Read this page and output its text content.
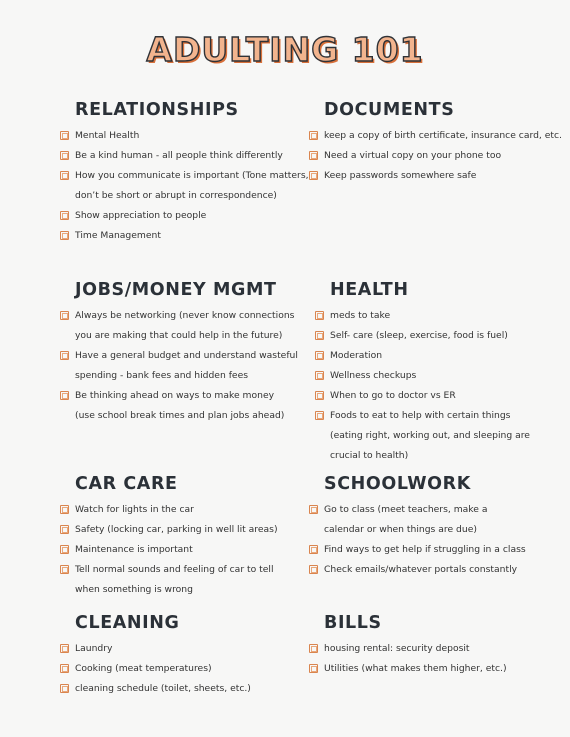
ADULTING 101
RELATIONSHIPS
Mental Health
Be a kind human - all people think differently
How you communicate is important (Tone matters,
don’t be short or abrupt in correspondence)
Show appreciation to people
Time Management
DOCUMENTS
keep a copy of birth certificate, insurance card, etc.
Need a virtual copy on your phone too
Keep passwords somewhere safe
JOBS/MONEY MGMT
Always be networking (never know connections
you are making that could help in the future)
Have a general budget and understand wasteful
spending - bank fees and hidden fees
Be thinking ahead on ways to make money
(use school break times and plan jobs ahead)
HEALTH
meds to take
Self- care (sleep, exercise, food is fuel)
Moderation
Wellness checkups
When to go to doctor vs ER
Foods to eat to help with certain things
(eating right, working out, and sleeping are
crucial to health)
CAR CARE
Watch for lights in the car
Safety (locking car, parking in well lit areas)
Maintenance is important
Tell normal sounds and feeling of car to tell
when something is wrong
SCHOOLWORK
Go to class (meet teachers, make a
calendar or when things are due)
Find ways to get help if struggling in a class
Check emails/whatever portals constantly
CLEANING
Laundry
Cooking (meat temperatures)
cleaning schedule (toilet, sheets, etc.)
BILLS
housing rental: security deposit
Utilities (what makes them higher, etc.)
